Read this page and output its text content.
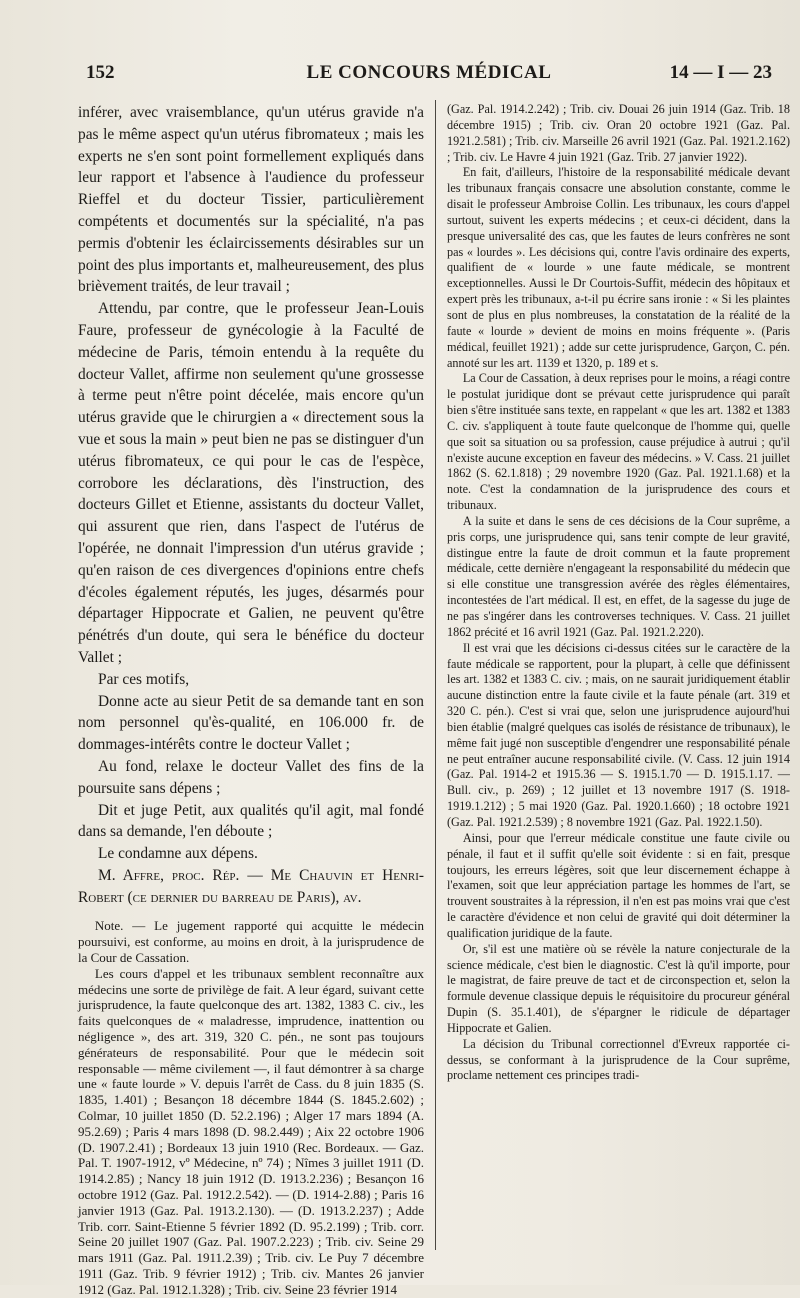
152	LE CONCOURS MÉDICAL	14 — I — 23

inférer, avec vraisemblance, qu'un utérus gravide n'a pas le même aspect qu'un utérus fibromateux ; mais les experts ne s'en sont point formellement expliqués dans leur rapport et l'absence à l'audience du professeur Rieffel et du docteur Tissier, particulièrement compétents et documentés sur la spécialité, n'a pas permis d'obtenir les éclaircissements désirables sur un point des plus importants et, malheureusement, des plus brièvement traités, de leur travail ;

Attendu, par contre, que le professeur Jean-Louis Faure, professeur de gynécologie à la Faculté de médecine de Paris, témoin entendu à la requête du docteur Vallet, affirme non seulement qu'une grossesse à terme peut n'être point décelée, mais encore qu'un utérus gravide que le chirurgien a « directement sous la vue et sous la main » peut bien ne pas se distinguer d'un utérus fibromateux, ce qui pour le cas de l'espèce, corrobore les déclarations, dès l'instruction, des docteurs Gillet et Etienne, assistants du docteur Vallet, qui assurent que rien, dans l'aspect de l'utérus de l'opérée, ne donnait l'impression d'un utérus gravide ; qu'en raison de ces divergences d'opinions entre chefs d'écoles également réputés, les juges, désarmés pour départager Hippocrate et Galien, ne peuvent qu'être pénétrés d'un doute, qui sera le bénéfice du docteur Vallet ;

Par ces motifs,

Donne acte au sieur Petit de sa demande tant en son nom personnel qu'ès-qualité, en 106.000 fr. de dommages-intérêts contre le docteur Vallet ;

Au fond, relaxe le docteur Vallet des fins de la poursuite sans dépens ;

Dit et juge Petit, aux qualités qu'il agit, mal fondé dans sa demande, l'en déboute ;

Le condamne aux dépens.

M. Affre, proc. Rép. — Me Chauvin et Henri-Robert (ce dernier du barreau de Paris), av.

Note. — Le jugement rapporté qui acquitte le médecin poursuivi, est conforme, au moins en droit, à la jurisprudence de la Cour de Cassation.

Les cours d'appel et les tribunaux semblent reconnaître aux médecins une sorte de privilège de fait. A leur égard, suivant cette jurisprudence, la faute quelconque des art. 1382, 1383 C. civ., les faits quelconques de « maladresse, imprudence, inattention ou négligence », des art. 319, 320 C. pén., ne sont pas toujours générateurs de responsabilité. Pour que le médecin soit responsable — même civilement —, il faut démontrer à sa charge une « faute lourde » V. depuis l'arrêt de Cass. du 8 juin 1835 (S. 1835, 1.401) ; Besançon 18 décembre 1844 (S. 1845.2.602) ; Colmar, 10 juillet 1850 (D. 52.2.196) ; Alger 17 mars 1894 (A. 95.2.69) ; Paris 4 mars 1898 (D. 98.2.449) ; Aix 22 octobre 1906 (D. 1907.2.41) ; Bordeaux 13 juin 1910 (Rec. Bordeaux. — Gaz. Pal. T. 1907-1912, vº Médecine, nº 74) ; Nîmes 3 juillet 1911 (D. 1914.2.85) ; Nancy 18 juin 1912 (D. 1913.2.236) ; Besançon 16 octobre 1912 (Gaz. Pal. 1912.2.542). — (D. 1914-2.88) ; Paris 16 janvier 1913 (Gaz. Pal. 1913.2.130). — (D. 1913.2.237) ; Adde Trib. corr. Saint-Etienne 5 février 1892 (D. 95.2.199) ; Trib. corr. Seine 20 juillet 1907 (Gaz. Pal. 1907.2.223) ; Trib. civ. Seine 29 mars 1911 (Gaz. Pal. 1911.2.39) ; Trib. civ. Le Puy 7 décembre 1911 (Gaz. Trib. 9 février 1912) ; Trib. civ. Mantes 26 janvier 1912 (Gaz. Pal. 1912.1.328) ; Trib. civ. Seine 23 février 1914

(Gaz. Pal. 1914.2.242) ; Trib. civ. Douai 26 juin 1914 (Gaz. Trib. 18 décembre 1915) ; Trib. civ. Oran 20 octobre 1921 (Gaz. Pal. 1921.2.581) ; Trib. civ. Marseille 26 avril 1921 (Gaz. Pal. 1921.2.162) ; Trib. civ. Le Havre 4 juin 1921 (Gaz. Trib. 27 janvier 1922).

En fait, d'ailleurs, l'histoire de la responsabilité médicale devant les tribunaux français consacre une absolution constante, comme le disait le professeur Ambroise Collin. Les tribunaux, les cours d'appel surtout, suivent les experts médecins ; et ceux-ci décident, dans la presque universalité des cas, que les fautes de leurs confrères ne sont pas « lourdes ». Les décisions qui, contre l'avis ordinaire des experts, qualifient de « lourde » une faute médicale, se montrent exceptionnelles. Aussi le Dr Courtois-Suffit, médecin des hôpitaux et expert près les tribunaux, a-t-il pu écrire sans ironie : « Si les plaintes sont de plus en plus nombreuses, la constatation de la réalité de la faute « lourde » devient de moins en moins fréquente ». (Paris médical, feuillet 1921) ; adde sur cette jurisprudence, Garçon, C. pén. annoté sur les art. 1139 et 1320, p. 189 et s.

La Cour de Cassation, à deux reprises pour le moins, a réagi contre le postulat juridique dont se prévaut cette jurisprudence qui paraît bien s'être instituée sans texte, en rappelant « que les art. 1382 et 1383 C. civ. s'appliquent à toute faute quelconque de l'homme qui, quelle que soit sa situation ou sa profession, cause préjudice à autrui ; qu'il n'existe aucune exception en faveur des médecins. » V. Cass. 21 juillet 1862 (S. 62.1.818) ; 29 novembre 1920 (Gaz. Pal. 1921.1.68) et la note. C'est la condamnation de la jurisprudence des cours et tribunaux.

A la suite et dans le sens de ces décisions de la Cour suprême, a pris corps, une jurisprudence qui, sans tenir compte de leur gravité, distingue entre la faute de droit commun et la faute proprement médicale, cette dernière n'engageant la responsabilité du médecin que si elle constitue une transgression avérée des règles élémentaires, incontestées de l'art médical. Il est, en effet, de la sagesse du juge de ne pas s'ingérer dans les controverses techniques. V. Cass. 21 juillet 1862 précité et 16 avril 1921 (Gaz. Pal. 1921.2.220).

Il est vrai que les décisions ci-dessus citées sur le caractère de la faute médicale se rapportent, pour la plupart, à celle que définissent les art. 1382 et 1383 C. civ. ; mais, on ne saurait juridiquement établir aucune distinction entre la faute civile et la faute pénale (art. 319 et 320 C. pén.). C'est si vrai que, selon une jurisprudence aujourd'hui bien établie (malgré quelques cas isolés de résistance de tribunaux), le même fait jugé non susceptible d'engendrer une responsabilité pénale ne peut entraîner aucune responsabilité civile. (V. Cass. 12 juin 1914 (Gaz. Pal. 1914-2 et 1915.36 — S. 1915.1.70 — D. 1915.1.17. — Bull. civ., p. 269) ; 12 juillet et 13 novembre 1917 (S. 1918-1919.1.212) ; 5 mai 1920 (Gaz. Pal. 1920.1.660) ; 18 octobre 1921 (Gaz. Pal. 1921.2.539) ; 8 novembre 1921 (Gaz. Pal. 1922.1.50).

Ainsi, pour que l'erreur médicale constitue une faute civile ou pénale, il faut et il suffit qu'elle soit évidente : si en fait, presque toujours, les erreurs légères, soit que leur discernement échappe à l'examen, soit que leur appréciation partage les hommes de l'art, se trouvent soustraites à la répression, il n'en est pas moins vrai que c'est le caractère d'évidence et non celui de gravité qui doit déterminer la qualification juridique de la faute.

Or, s'il est une matière où se révèle la nature conjecturale de la science médicale, c'est bien le diagnostic. C'est là qu'il importe, pour le magistrat, de faire preuve de tact et de circonspection et, selon la formule devenue classique depuis le réquisitoire du procureur général Dupin (S. 35.1.401), de s'épargner le ridicule de départager Hippocrate et Galien.

La décision du Tribunal correctionnel d'Evreux rapportée ci-dessus, se conformant à la jurisprudence de la Cour suprême, proclame nettement ces principes tradi-
